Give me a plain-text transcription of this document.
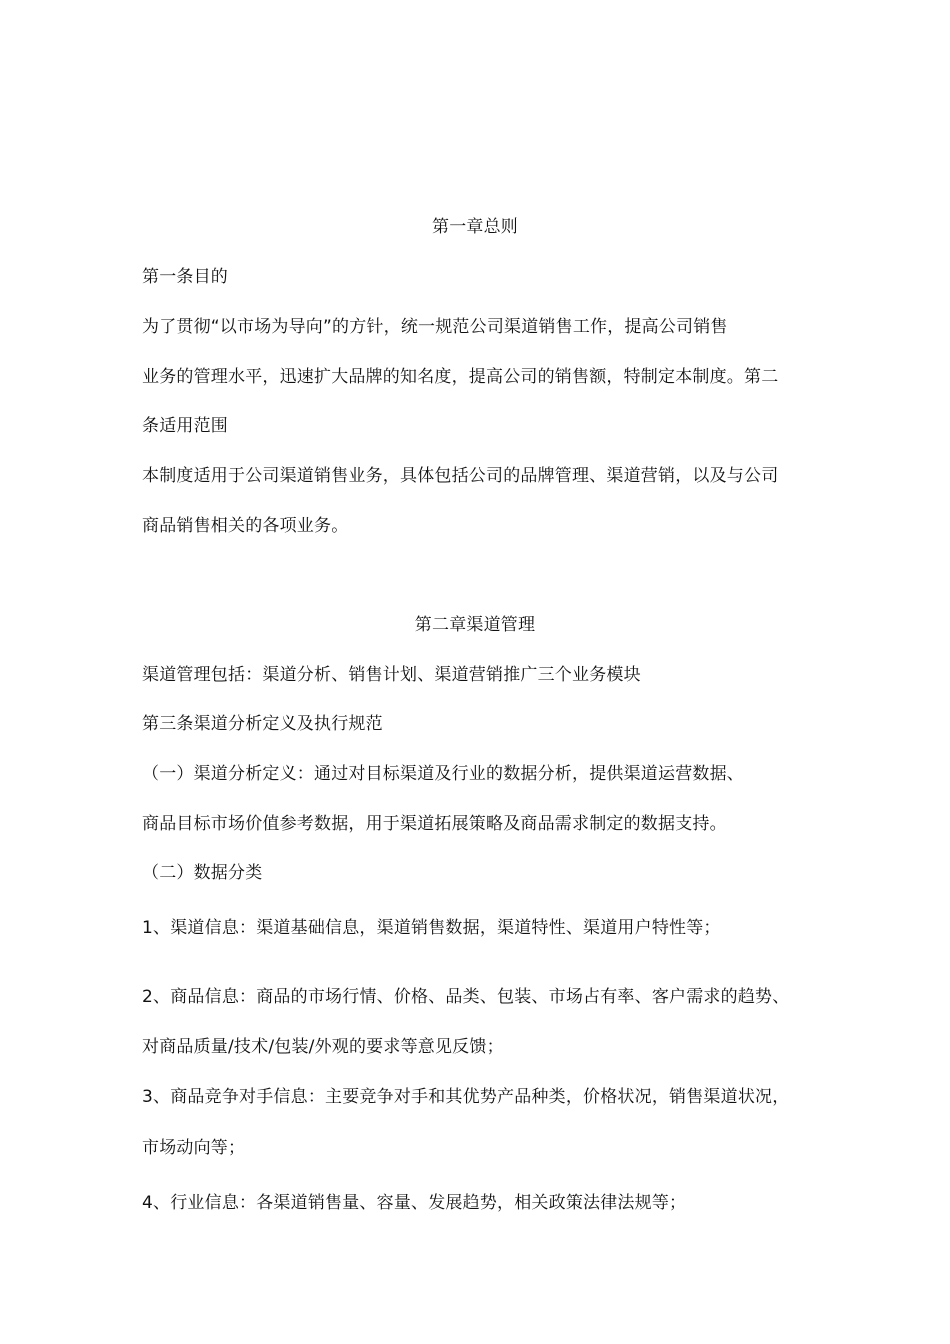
第一章总则
第一条目的
为了贯彻“以市场为导向”的方针，统一规范公司渠道销售工作，提高公司销售
业务的管理水平，迅速扩大品牌的知名度，提高公司的销售额，特制定本制度。第二
条适用范围
本制度适用于公司渠道销售业务，具体包括公司的品牌管理、渠道营销，以及与公司
商品销售相关的各项业务。
第二章渠道管理
渠道管理包括：渠道分析、销售计划、渠道营销推广三个业务模块
第三条渠道分析定义及执行规范
（一）渠道分析定义：通过对目标渠道及行业的数据分析，提供渠道运营数据、
商品目标市场价值参考数据，用于渠道拓展策略及商品需求制定的数据支持。
（二）数据分类
1、渠道信息：渠道基础信息，渠道销售数据，渠道特性、渠道用户特性等；
2、商品信息：商品的市场行情、价格、品类、包装、市场占有率、客户需求的趋势、
对商品质量/技术/包装/外观的要求等意见反馈；
3、商品竞争对手信息：主要竞争对手和其优势产品种类，价格状况，销售渠道状况，
市场动向等；
4、行业信息：各渠道销售量、容量、发展趋势，相关政策法律法规等；
